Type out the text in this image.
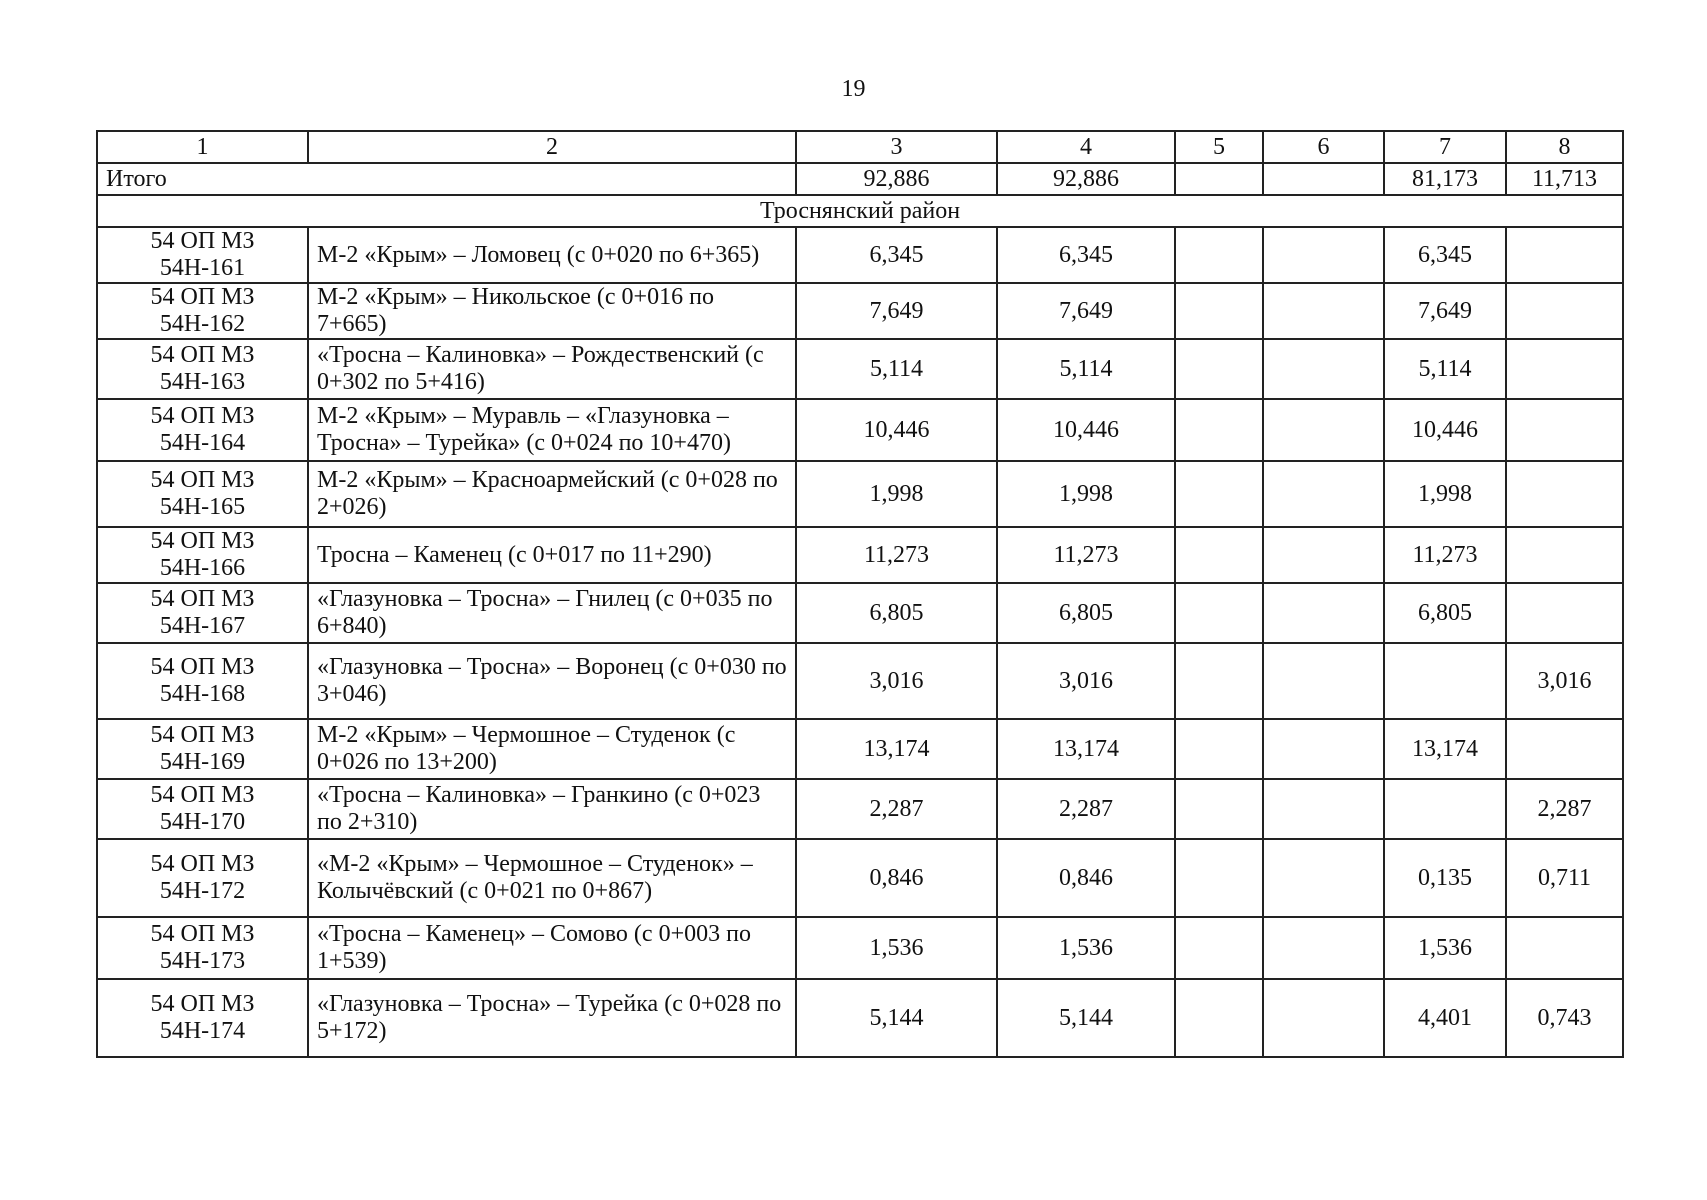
19
1	2	3	4	5	6	7	8
Итого		92,886	92,886			81,173	11,713
Троснянский район							
54 ОП МЗ 54Н-161	М-2 «Крым» – Ломовец (с 0+020 по 6+365)	6,345	6,345			6,345	
54 ОП МЗ 54Н-162	М-2 «Крым» – Никольское (с 0+016 по 7+665)	7,649	7,649			7,649	
54 ОП МЗ 54Н-163	«Тросна – Калиновка» – Рождественский (с 0+302 по 5+416)	5,114	5,114			5,114	
54 ОП МЗ 54Н-164	М-2 «Крым» – Муравль – «Глазуновка – Тросна» – Турейка» (с 0+024 по 10+470)	10,446	10,446			10,446	
54 ОП МЗ 54Н-165	М-2 «Крым» – Красноармейский (с 0+028 по 2+026)	1,998	1,998			1,998	
54 ОП МЗ 54Н-166	Тросна – Каменец (с 0+017 по 11+290)	11,273	11,273			11,273	
54 ОП МЗ 54Н-167	«Глазуновка – Тросна» – Гнилец (с 0+035 по 6+840)	6,805	6,805			6,805	
54 ОП МЗ 54Н-168	«Глазуновка – Тросна» – Воронец (с 0+030 по 3+046)	3,016	3,016				3,016
54 ОП МЗ 54Н-169	М-2 «Крым» – Чермошное – Студенок (с 0+026 по 13+200)	13,174	13,174			13,174	
54 ОП МЗ 54Н-170	«Тросна – Калиновка» – Гранкино (с 0+023 по 2+310)	2,287	2,287				2,287
54 ОП МЗ 54Н-172	«М-2 «Крым» – Чермошное – Студенок» – Колычёвский (с 0+021 по 0+867)	0,846	0,846			0,135	0,711
54 ОП МЗ 54Н-173	«Тросна – Каменец» – Сомово (с 0+003 по 1+539)	1,536	1,536			1,536	
54 ОП МЗ 54Н-174	«Глазуновка – Тросна» – Турейка (с 0+028 по 5+172)	5,144	5,144			4,401	0,743
